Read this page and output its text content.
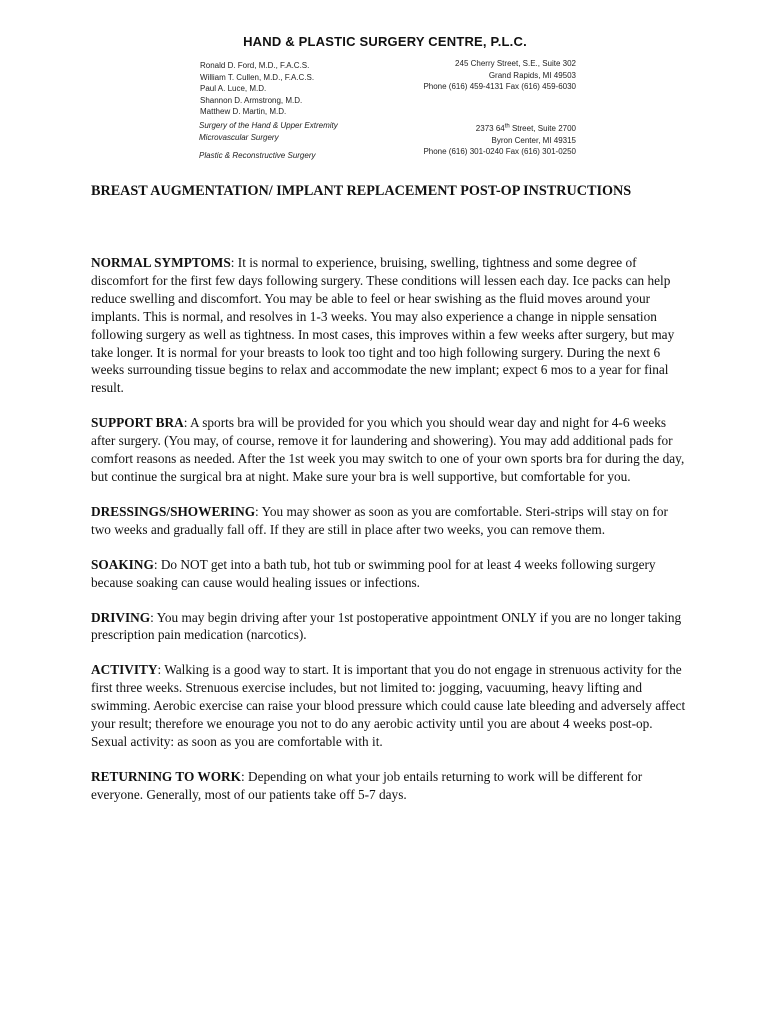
HAND & PLASTIC SURGERY CENTRE, P.L.C.
Ronald D. Ford, M.D., F.A.C.S.
William T. Cullen, M.D., F.A.C.S.
Paul A. Luce, M.D.
Shannon D. Armstrong, M.D.
Matthew D. Martin, M.D.
Surgery of the Hand & Upper Extremity
Microvascular Surgery
Plastic & Reconstructive Surgery
245 Cherry Street, S.E., Suite 302
Grand Rapids, MI 49503
Phone (616) 459-4131 Fax (616) 459-6030
2373 64th Street, Suite 2700
Byron Center, MI 49315
Phone (616) 301-0240 Fax (616) 301-0250
BREAST AUGMENTATION/ IMPLANT REPLACEMENT POST-OP INSTRUCTIONS

NORMAL SYMPTOMS: It is normal to experience, bruising, swelling, tightness and some degree of discomfort for the first few days following surgery. These conditions will lessen each day. Ice packs can help reduce swelling and discomfort. You may be able to feel or hear swishing as the fluid moves around your implants. This is normal, and resolves in 1-3 weeks. You may also experience a change in nipple sensation following surgery as well as tightness. In most cases, this improves within a few weeks after surgery, but may take longer. It is normal for your breasts to look too tight and too high following surgery. During the next 6 weeks surrounding tissue begins to relax and accommodate the new implant; expect 6 mos to a year for final result.

SUPPORT BRA: A sports bra will be provided for you which you should wear day and night for 4-6 weeks after surgery. (You may, of course, remove it for laundering and showering). You may add additional pads for comfort reasons as needed. After the 1st week you may switch to one of your own sports bra for during the day, but continue the surgical bra at night. Make sure your bra is well supportive, but comfortable for you.

DRESSINGS/SHOWERING: You may shower as soon as you are comfortable. Steri-strips will stay on for two weeks and gradually fall off. If they are still in place after two weeks, you can remove them.

SOAKING: Do NOT get into a bath tub, hot tub or swimming pool for at least 4 weeks following surgery because soaking can cause would healing issues or infections.

DRIVING: You may begin driving after your 1st postoperative appointment ONLY if you are no longer taking prescription pain medication (narcotics).

ACTIVITY: Walking is a good way to start. It is important that you do not engage in strenuous activity for the first three weeks. Strenuous exercise includes, but not limited to: jogging, vacuuming, heavy lifting and swimming. Aerobic exercise can raise your blood pressure which could cause late bleeding and adversely affect your result; therefore we enourage you not to do any aerobic activity until you are about 4 weeks post-op. Sexual activity: as soon as you are comfortable with it.

RETURNING TO WORK: Depending on what your job entails returning to work will be different for everyone. Generally, most of our patients take off 5-7 days.
